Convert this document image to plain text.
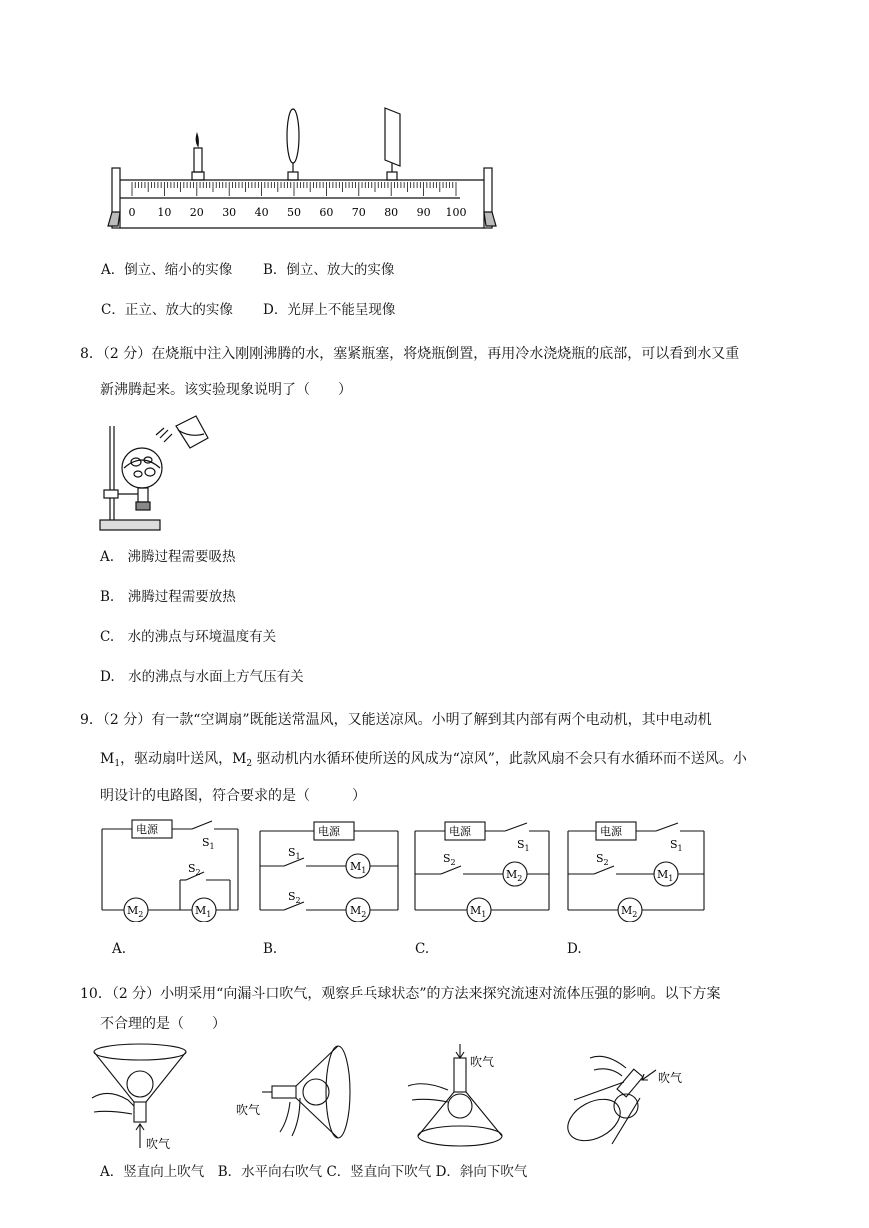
0 10 20 30 40 50 60 70 80 90 100
A．倒立、缩小的实像 B．倒立、放大的实像
C．正立、放大的实像 D．光屏上不能呈现像
8．（2 分）在烧瓶中注入刚刚沸腾的水，塞紧瓶塞，将烧瓶倒置，再用冷水浇烧瓶的底部，可以看到水又重
新沸腾起来。该实验现象说明了（　　）
A.　沸腾过程需要吸热
B.　沸腾过程需要放热
C.　水的沸点与环境温度有关
D.　水的沸点与水面上方气压有关
9．（2 分）有一款“空调扇”既能送常温风，又能送凉风。小明了解到其内部有两个电动机，其中电动机
$M_1$，驱动扇叶送风，$M_2$ 驱动机内水循环使所送的风成为“凉风”，此款风扇不会只有水循环而不送风。小
明设计的电路图，符合要求的是（　　　）
电源
$S_1$
$S_2$
$M_2$	$M_1$
电源
$S_1$
$M_1$
$S_2$
$M_2$
电源
$S_1$
$S_2$
$M_2$
$M_1$
电源
$S_1$
$S_2$
$M_1$
$M_2$
A.	B.	C.	D.
10．（2 分）小明采用“向漏斗口吹气，观察乒乓球状态”的方法来探究流速对流体压强的影响。以下方案
不合理的是（　　）
吹气
吹气
吹气
吹气
A．竖直向上吹气　B．水平向右吹气 C．竖直向下吹气 D．斜向下吹气
